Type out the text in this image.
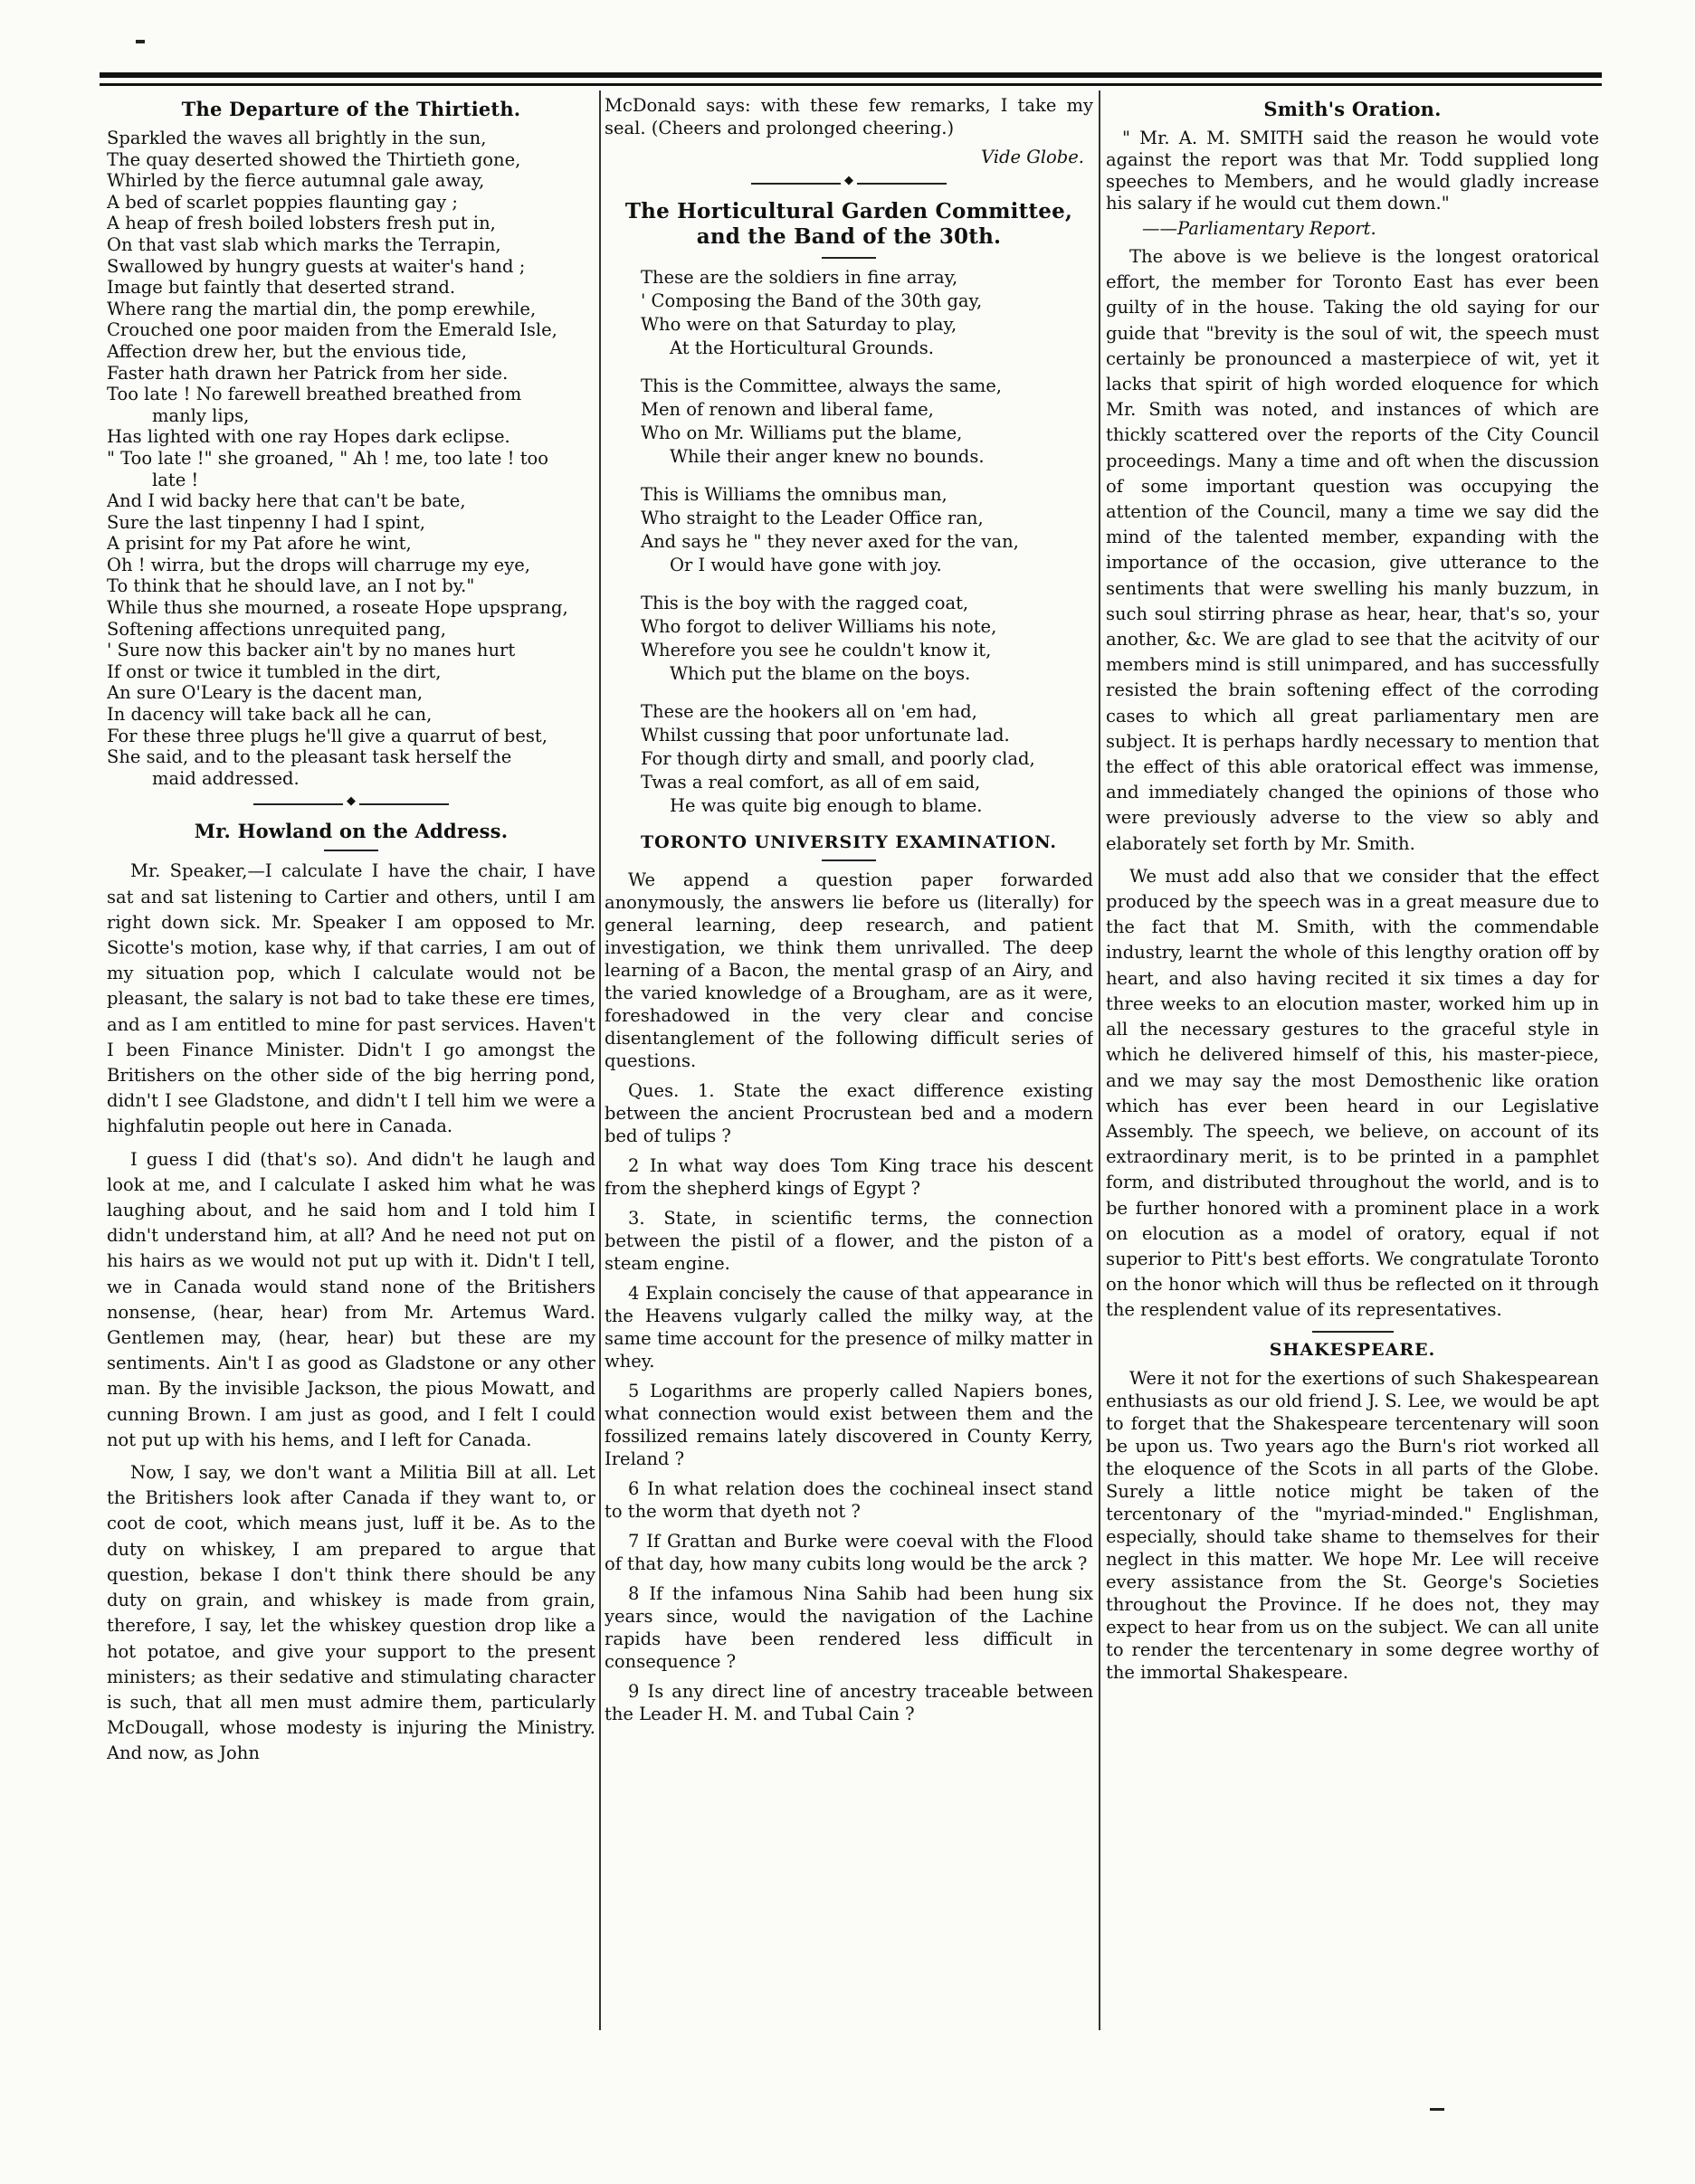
The Departure of the Thirtieth.

Sparkled the waves all brightly in the sun,

The quay deserted showed the Thirtieth gone,

Whirled by the fierce autumnal gale away,

A bed of scarlet poppies flaunting gay ;

A heap of fresh boiled lobsters fresh put in,

On that vast slab which marks the Terrapin,

Swallowed by hungry guests at waiter's hand ;

Image but faintly that deserted strand.

Where rang the martial din, the pomp erewhile,

Crouched one poor maiden from the Emerald Isle,

Affection drew her, but the envious tide,

Faster hath drawn her Patrick from her side.

Too late ! No farewell breathed breathed from

manly lips,

Has lighted with one ray Hopes dark eclipse.

" Too late !" she groaned, " Ah ! me, too late ! too

late !

And I wid backy here that can't be bate,

Sure the last tinpenny I had I spint,

A prisint for my Pat afore he wint,

Oh ! wirra, but the drops will charruge my eye,

To think that he should lave, an I not by."

While thus she mourned, a roseate Hope upsprang,

Softening affections unrequited pang,

' Sure now this backer ain't by no manes hurt

If onst or twice it tumbled in the dirt,

An sure O'Leary is the dacent man,

In dacency will take back all he can,

For these three plugs he'll give a quarrut of best,

She said, and to the pleasant task herself the

maid addressed.

◆
Mr. Howland on the Address.

Mr. Speaker,—I calculate I have the chair, I have sat and sat listening to Cartier and others, until I am right down sick. Mr. Speaker I am opposed to Mr. Sicotte's motion, kase why, if that carries, I am out of my situation pop, which I calculate would not be pleasant, the salary is not bad to take these ere times, and as I am entitled to mine for past services. Haven't I been Finance Minister. Didn't I go amongst the Britishers on the other side of the big herring pond, didn't I see Gladstone, and didn't I tell him we were a highfalutin people out here in Canada.

I guess I did (that's so). And didn't he laugh and look at me, and I calculate I asked him what he was laughing about, and he said hom and I told him I didn't understand him, at all? And he need not put on his hairs as we would not put up with it. Didn't I tell, we in Canada would stand none of the Britishers nonsense, (hear, hear) from Mr. Artemus Ward. Gentlemen may, (hear, hear) but these are my sentiments. Ain't I as good as Gladstone or any other man. By the invisible Jackson, the pious Mowatt, and cunning Brown. I am just as good, and I felt I could not put up with his hems, and I left for Canada.

Now, I say, we don't want a Militia Bill at all. Let the Britishers look after Canada if they want to, or coot de coot, which means just, luff it be. As to the duty on whiskey, I am prepared to argue that question, bekase I don't think there should be any duty on grain, and whiskey is made from grain, therefore, I say, let the whiskey question drop like a hot potatoe, and give your support to the present ministers; as their sedative and stimulating character is such, that all men must admire them, particularly McDougall, whose modesty is injuring the Ministry. And now, as John

McDonald says: with these few remarks, I take my seal. (Cheers and prolonged cheering.)

Vide Globe.
◆
The Horticultural Garden Committee, and the Band of the 30th.

These are the soldiers in fine array,

' Composing the Band of the 30th gay,

Who were on that Saturday to play,

At the Horticultural Grounds.

This is the Committee, always the same,

Men of renown and liberal fame,

Who on Mr. Williams put the blame,

While their anger knew no bounds.

This is Williams the omnibus man,

Who straight to the Leader Office ran,

And says he " they never axed for the van,

Or I would have gone with joy.

This is the boy with the ragged coat,

Who forgot to deliver Williams his note,

Wherefore you see he couldn't know it,

Which put the blame on the boys.

These are the hookers all on 'em had,

Whilst cussing that poor unfortunate lad.

For though dirty and small, and poorly clad,

Twas a real comfort, as all of em said,

He was quite big enough to blame.

TORONTO UNIVERSITY EXAMINATION.

We append a question paper forwarded anonymously, the answers lie before us (literally) for general learning, deep research, and patient investigation, we think them unrivalled. The deep learning of a Bacon, the mental grasp of an Airy, and the varied knowledge of a Brougham, are as it were, foreshadowed in the very clear and concise disentanglement of the following difficult series of questions.

Ques. 1. State the exact difference existing between the ancient Procrustean bed and a modern bed of tulips ?

2 In what way does Tom King trace his descent from the shepherd kings of Egypt ?

3. State, in scientific terms, the connection between the pistil of a flower, and the piston of a steam engine.

4 Explain concisely the cause of that appearance in the Heavens vulgarly called the milky way, at the same time account for the presence of milky matter in whey.

5 Logarithms are properly called Napiers bones, what connection would exist between them and the fossilized remains lately discovered in County Kerry, Ireland ?

6 In what relation does the cochineal insect stand to the worm that dyeth not ?

7 If Grattan and Burke were coeval with the Flood of that day, how many cubits long would be the arck ?

8 If the infamous Nina Sahib had been hung six years since, would the navigation of the Lachine rapids have been rendered less difficult in consequence ?

9 Is any direct line of ancestry traceable between the Leader H. M. and Tubal Cain ?

Smith's Oration.

" Mr. A. M. SMITH said the reason he would vote against the report was that Mr. Todd supplied long speeches to Members, and he would gladly increase his salary if he would cut them down."

——Parliamentary Report.

The above is we believe is the longest oratorical effort, the member for Toronto East has ever been guilty of in the house. Taking the old saying for our guide that "brevity is the soul of wit, the speech must certainly be pronounced a masterpiece of wit, yet it lacks that spirit of high worded eloquence for which Mr. Smith was noted, and instances of which are thickly scattered over the reports of the City Council proceedings. Many a time and oft when the discussion of some important question was occupying the attention of the Council, many a time we say did the mind of the talented member, expanding with the importance of the occasion, give utterance to the sentiments that were swelling his manly buzzum, in such soul stirring phrase as hear, hear, that's so, your another, &c. We are glad to see that the acitvity of our members mind is still unimpared, and has successfully resisted the brain softening effect of the corroding cases to which all great parliamentary men are subject. It is perhaps hardly necessary to mention that the effect of this able oratorical effect was immense, and immediately changed the opinions of those who were previously adverse to the view so ably and elaborately set forth by Mr. Smith.

We must add also that we consider that the effect produced by the speech was in a great measure due to the fact that M. Smith, with the commendable industry, learnt the whole of this lengthy oration off by heart, and also having recited it six times a day for three weeks to an elocution master, worked him up in all the necessary gestures to the graceful style in which he delivered himself of this, his master-piece, and we may say the most Demosthenic like oration which has ever been heard in our Legislative Assembly. The speech, we believe, on account of its extraordinary merit, is to be printed in a pamphlet form, and distributed throughout the world, and is to be further honored with a prominent place in a work on elocution as a model of oratory, equal if not superior to Pitt's best efforts. We congratulate Toronto on the honor which will thus be reflected on it through the resplendent value of its representatives.

SHAKESPEARE.

Were it not for the exertions of such Shakespearean enthusiasts as our old friend J. S. Lee, we would be apt to forget that the Shakespeare tercentenary will soon be upon us. Two years ago the Burn's riot worked all the eloquence of the Scots in all parts of the Globe. Surely a little notice might be taken of the tercentonary of the "myriad-minded." Englishman, especially, should take shame to themselves for their neglect in this matter. We hope Mr. Lee will receive every assistance from the St. George's Societies throughout the Province. If he does not, they may expect to hear from us on the subject. We can all unite to render the tercentenary in some degree worthy of the immortal Shakespeare.
